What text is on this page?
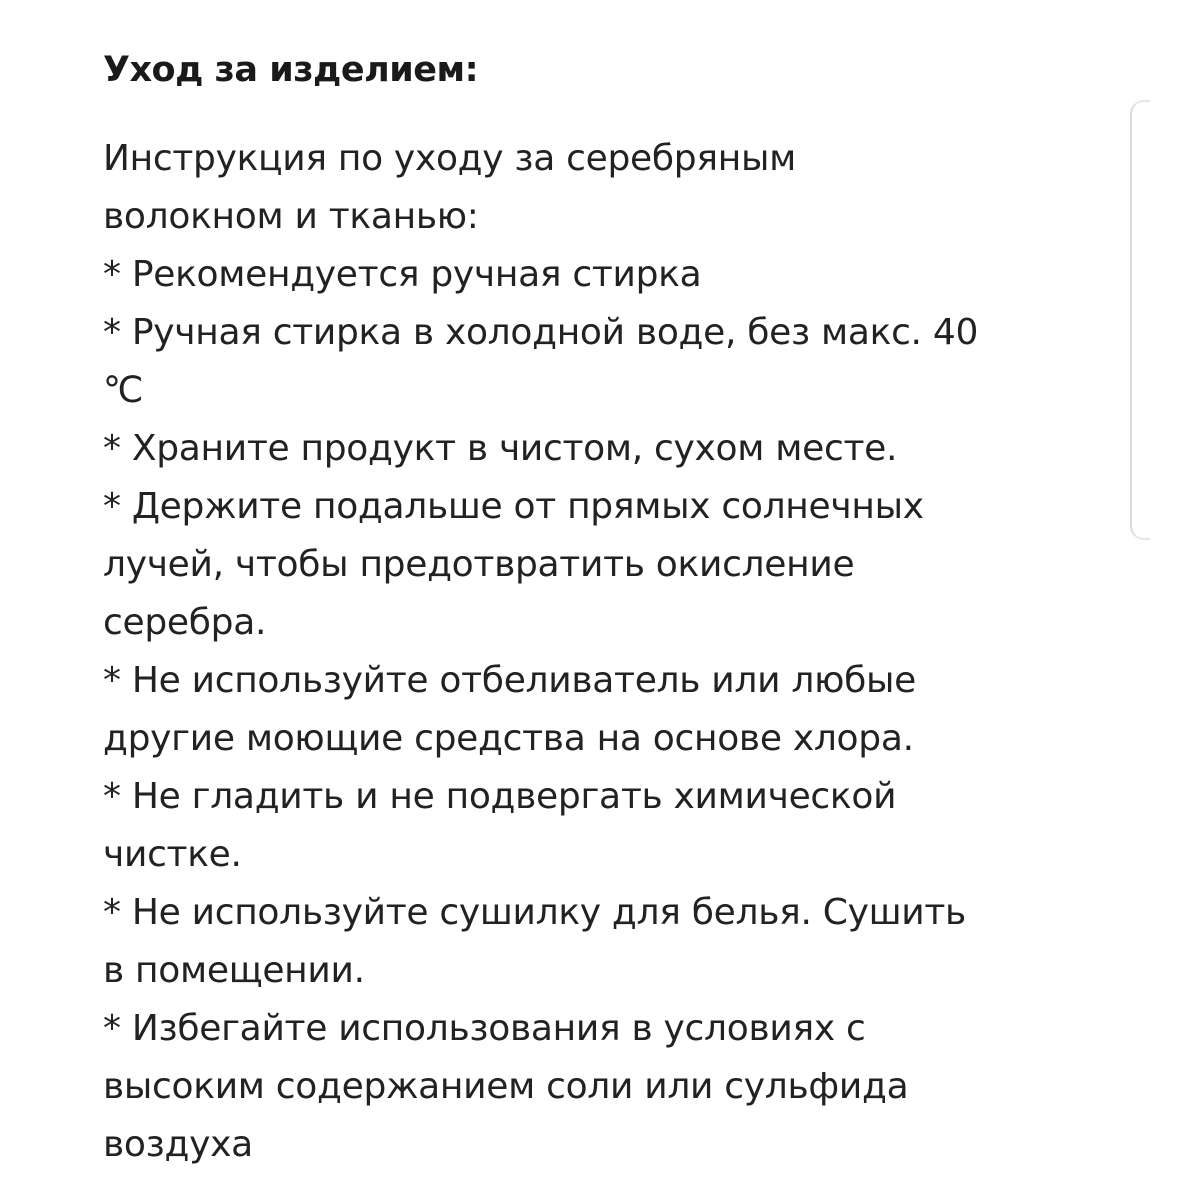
Уход за изделием:
Инструкция по уходу за серебряным
волокном и тканью:
* Рекомендуется ручная стирка
* Ручная стирка в холодной воде, без макс. 40
℃
* Храните продукт в чистом, сухом месте.
* Держите подальше от прямых солнечных
лучей, чтобы предотвратить окисление
серебра.
* Не используйте отбеливатель или любые
другие моющие средства на основе хлора.
* Не гладить и не подвергать химической
чистке.
* Не используйте сушилку для белья. Сушить
в помещении.
* Избегайте использования в условиях с
высоким содержанием соли или сульфида
воздуха
